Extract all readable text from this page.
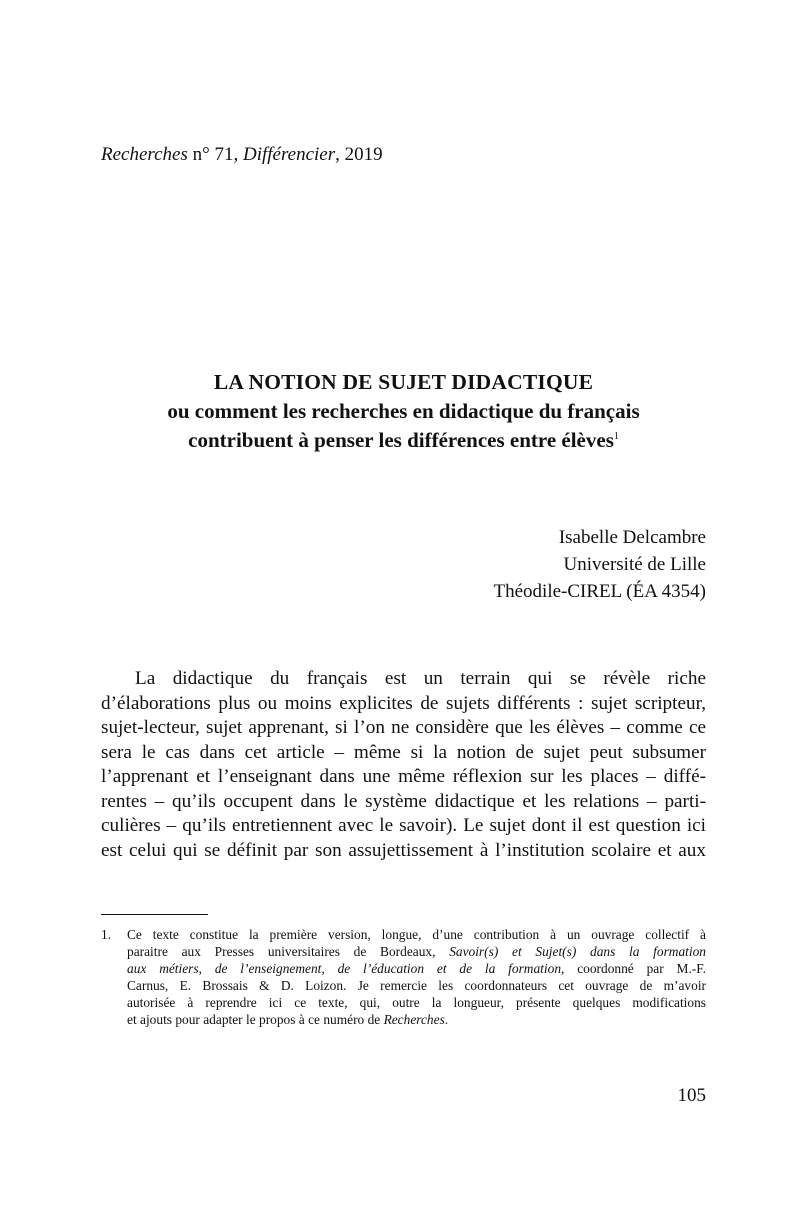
Recherches n° 71, Différencier, 2019
LA NOTION DE SUJET DIDACTIQUE
ou comment les recherches en didactique du français
contribuent à penser les différences entre élèves$^1$
Isabelle Delcambre
Université de Lille
Théodile-CIREL (ÉA 4354)
La didactique du français est un terrain qui se révèle riche
d’élaborations plus ou moins explicites de sujets différents : sujet scripteur,
sujet-lecteur, sujet apprenant, si l’on ne considère que les élèves – comme ce
sera le cas dans cet article – même si la notion de sujet peut subsumer
l’apprenant et l’enseignant dans une même réflexion sur les places – diffé-
rentes – qu’ils occupent dans le système didactique et les relations – parti-
culières – qu’ils entretiennent avec le savoir). Le sujet dont il est question ici
est celui qui se définit par son assujettissement à l’institution scolaire et aux
1. Ce texte constitue la première version, longue, d’une contribution à un ouvrage collectif à
paraitre aux Presses universitaires de Bordeaux, Savoir(s) et Sujet(s) dans la formation
aux métiers, de l’enseignement, de l’éducation et de la formation, coordonné par M.-F.
Carnus, E. Brossais & D. Loizon. Je remercie les coordonnateurs cet ouvrage de m’avoir
autorisée à reprendre ici ce texte, qui, outre la longueur, présente quelques modifications
et ajouts pour adapter le propos à ce numéro de Recherches.
105
